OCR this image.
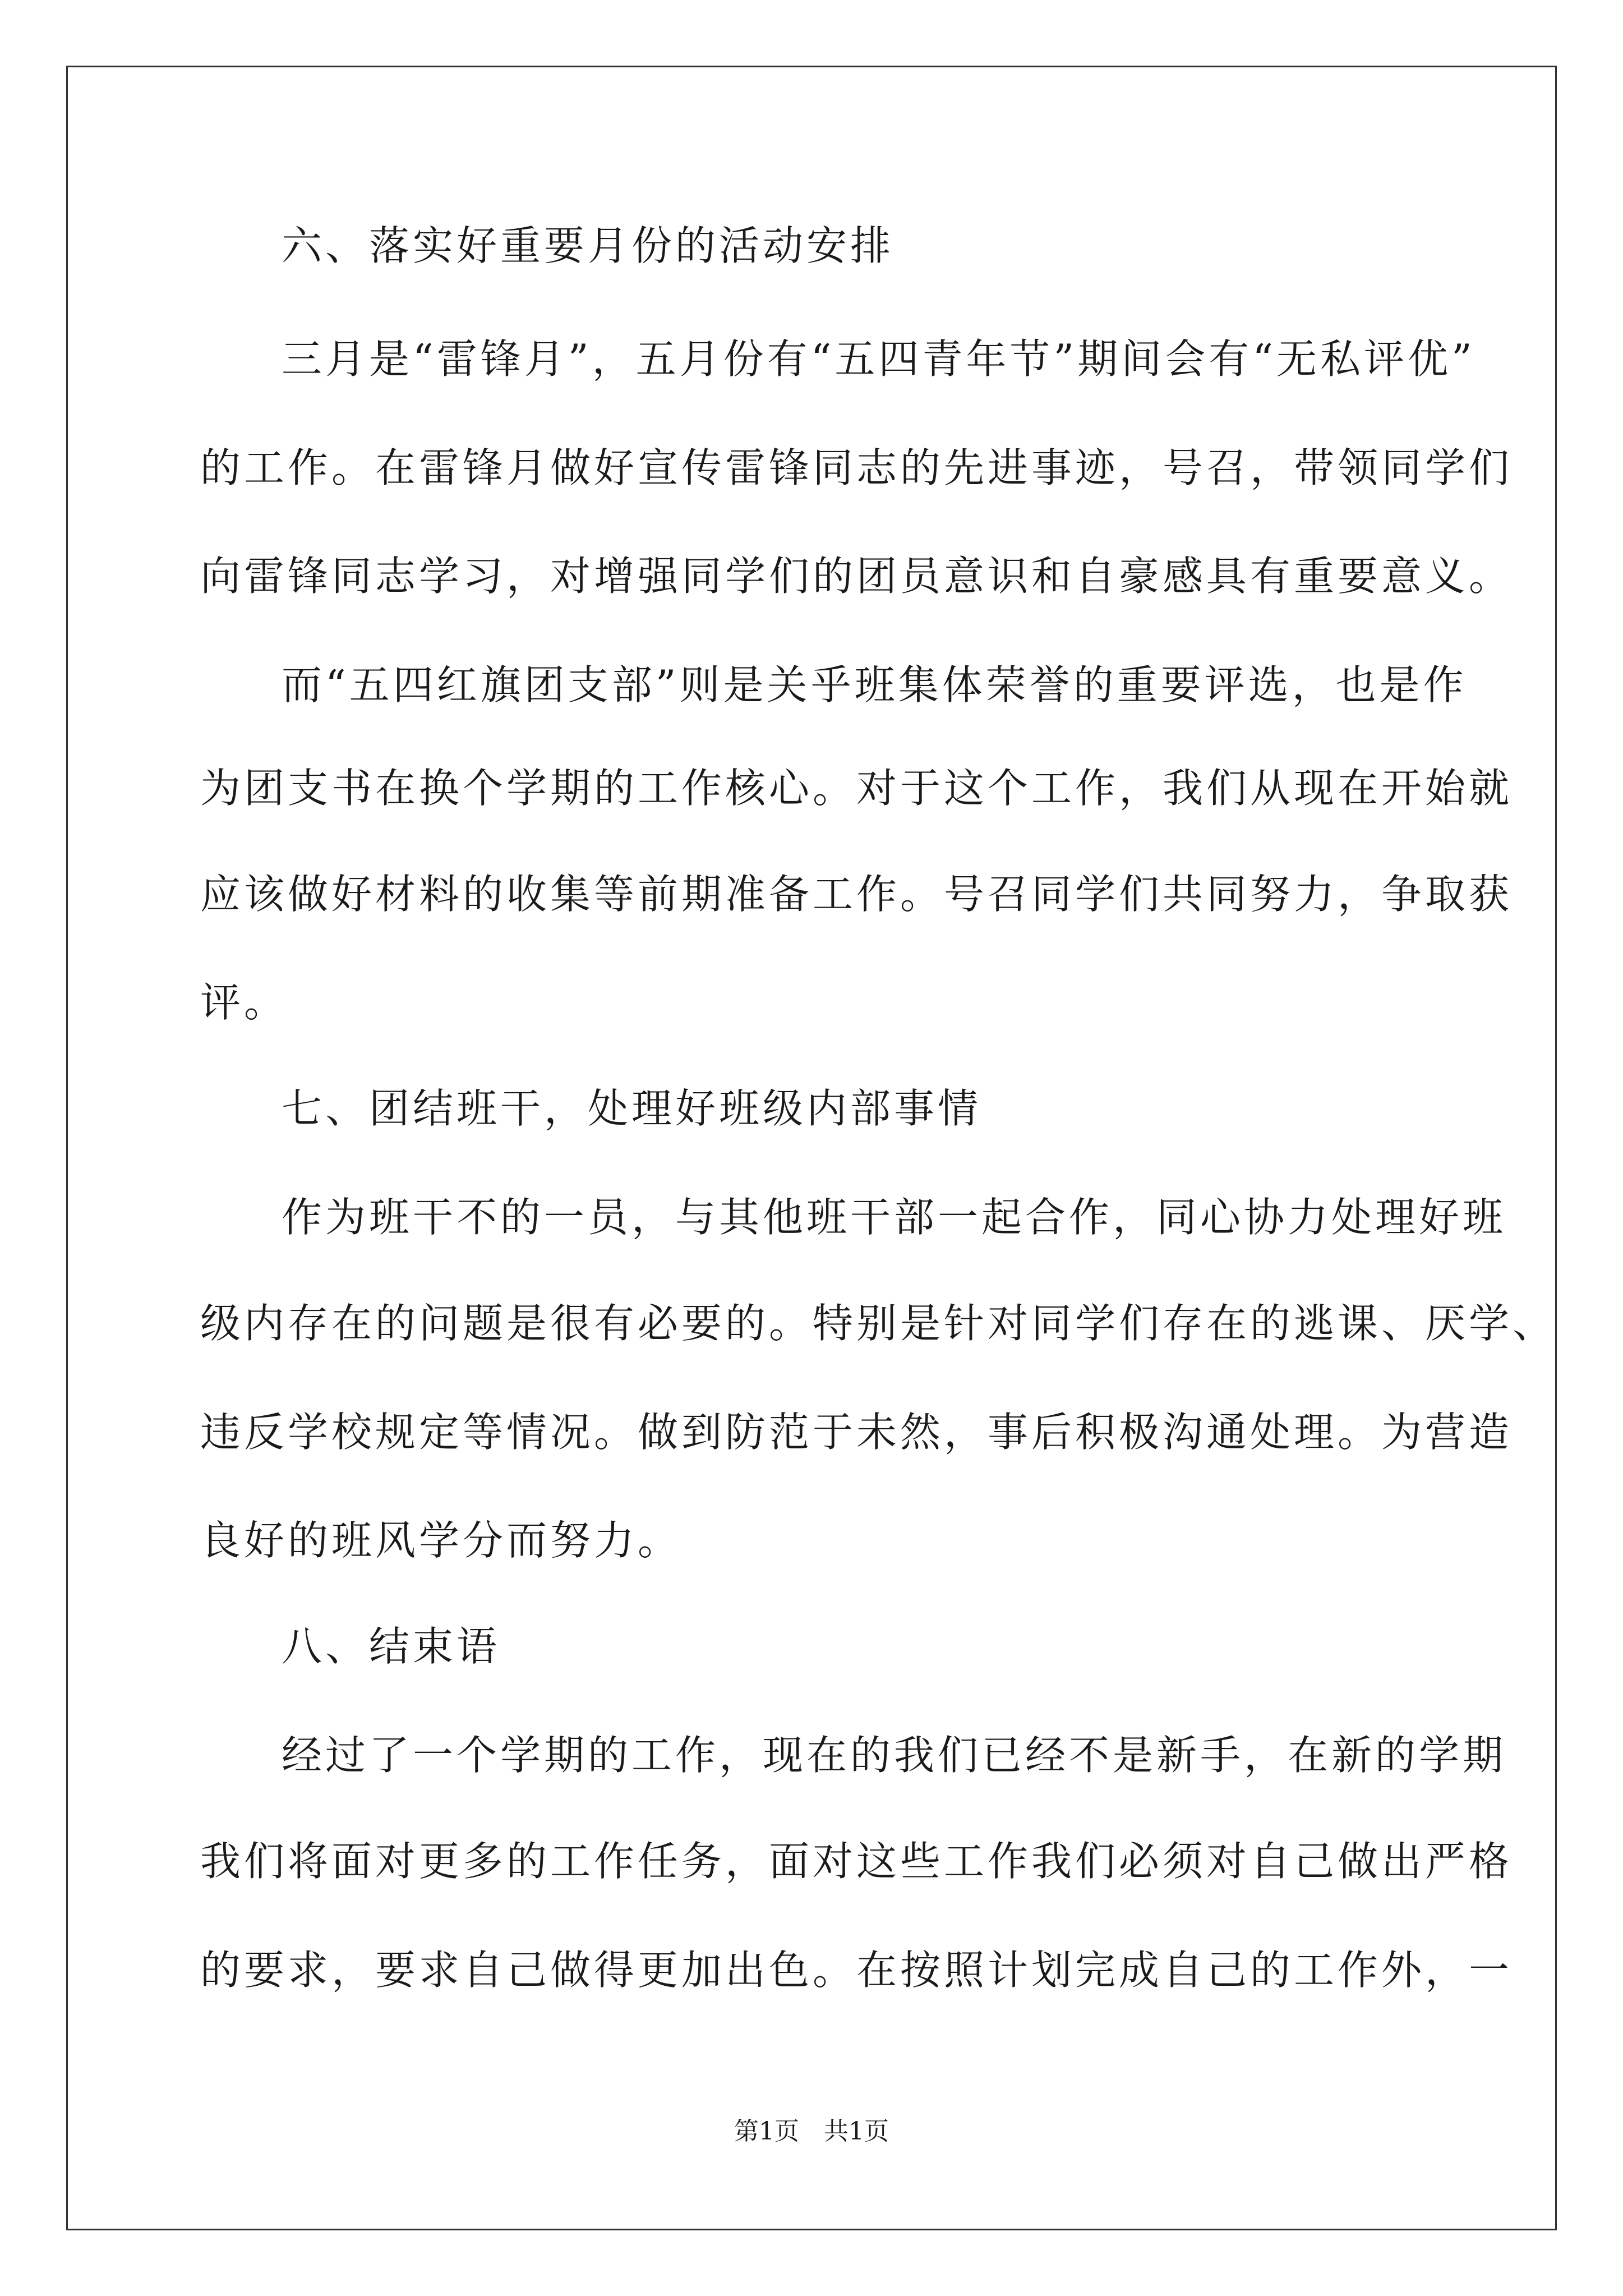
六、落实好重要月份的活动安排
三月是“雷锋月”，五月份有“五四青年节”期间会有“无私评优”
的工作。在雷锋月做好宣传雷锋同志的先进事迹，号召，带领同学们
向雷锋同志学习，对增强同学们的团员意识和自豪感具有重要意义。
而“五四红旗团支部”则是关乎班集体荣誉的重要评选，也是作
为团支书在换个学期的工作核心。对于这个工作，我们从现在开始就
应该做好材料的收集等前期准备工作。号召同学们共同努力，争取获
评。
七、团结班干，处理好班级内部事情
作为班干不的一员，与其他班干部一起合作，同心协力处理好班
级内存在的问题是很有必要的。特别是针对同学们存在的逃课、厌学、
违反学校规定等情况。做到防范于未然，事后积极沟通处理。为营造
良好的班风学分而努力。
八、结束语
经过了一个学期的工作，现在的我们已经不是新手，在新的学期
我们将面对更多的工作任务，面对这些工作我们必须对自己做出严格
的要求，要求自己做得更加出色。在按照计划完成自己的工作外，一
第1页　共1页
